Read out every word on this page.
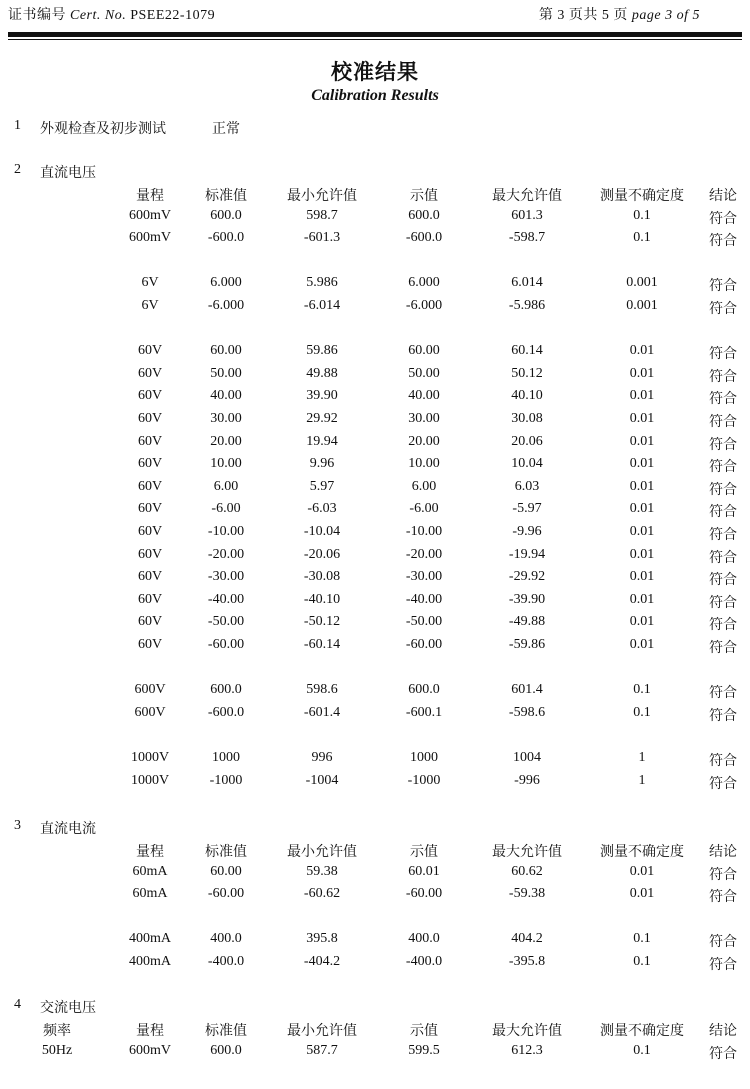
证书编号 Cert. No. PSEE22-1079	第 3 页共 5 页 page 3 of 5
校准结果
Calibration Results
1 外观检查及初步测试	正常
2 直流电压
量程	标准值	最小允许值	示值	最大允许值	测量不确定度 结论
600mV	600.0	598.7	600.0	601.3	0.1	符合
600mV	-600.0	-601.3	-600.0	-598.7	0.1	符合
6V	6.000	5.986	6.000	6.014	0.001	符合
6V	-6.000	-6.014	-6.000	-5.986	0.001	符合
60V	60.00	59.86	60.00	60.14	0.01	符合
60V	50.00	49.88	50.00	50.12	0.01	符合
60V	40.00	39.90	40.00	40.10	0.01	符合
60V	30.00	29.92	30.00	30.08	0.01	符合
60V	20.00	19.94	20.00	20.06	0.01	符合
60V	10.00	9.96	10.00	10.04	0.01	符合
60V	6.00	5.97	6.00	6.03	0.01	符合
60V	-6.00	-6.03	-6.00	-5.97	0.01	符合
60V	-10.00	-10.04	-10.00	-9.96	0.01	符合
60V	-20.00	-20.06	-20.00	-19.94	0.01	符合
60V	-30.00	-30.08	-30.00	-29.92	0.01	符合
60V	-40.00	-40.10	-40.00	-39.90	0.01	符合
60V	-50.00	-50.12	-50.00	-49.88	0.01	符合
60V	-60.00	-60.14	-60.00	-59.86	0.01	符合
600V	600.0	598.6	600.0	601.4	0.1	符合
600V	-600.0	-601.4	-600.1	-598.6	0.1	符合
1000V	1000	996	1000	1004	1	符合
1000V	-1000	-1004	-1000	-996	1	符合
3 直流电流
量程	标准值	最小允许值	示值	最大允许值	测量不确定度 结论
60mA	60.00	59.38	60.01	60.62	0.01	符合
60mA	-60.00	-60.62	-60.00	-59.38	0.01	符合
400mA	400.0	395.8	400.0	404.2	0.1	符合
400mA	-400.0	-404.2	-400.0	-395.8	0.1	符合
4 交流电压
频率	量程	标准值	最小允许值	示值	最大允许值	测量不确定度 结论
50Hz	600mV	600.0	587.7	599.5	612.3	0.1	符合
